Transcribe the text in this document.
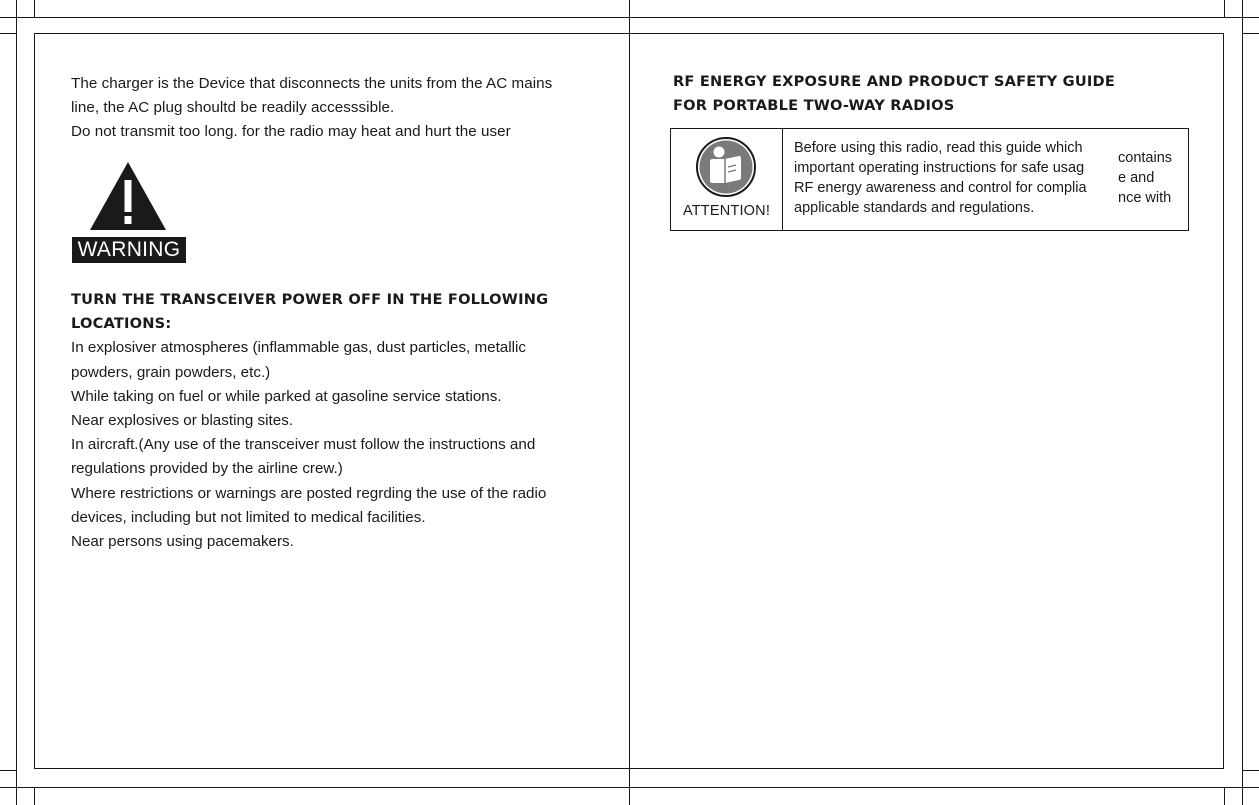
The charger is the Device that disconnects the units from the AC mains

line, the AC plug shoultd be readily accesssible.

Do not transmit too long. for the radio may heat and hurt the user

WARNING

TURN THE TRANSCEIVER POWER OFF IN THE FOLLOWING

LOCATIONS:

In explosiver atmospheres (inflammable gas, dust particles, metallic

powders, grain powders, etc.)

While taking on fuel or while parked at gasoline service stations.

Near explosives or blasting sites.

In aircraft.(Any use of the transceiver must follow the instructions and

regulations provided by the airline crew.)

Where restrictions or warnings are posted regrding the use of the radio

devices, including but not limited to medical facilities.

Near persons using pacemakers.

RF ENERGY EXPOSURE AND PRODUCT SAFETY GUIDE

FOR PORTABLE TWO-WAY RADIOS

ATTENTION!

Before using this radio, read this guide which

important operating instructions for safe usag

RF energy awareness and control for complia

applicable standards and regulations.

contains

e and

nce with
